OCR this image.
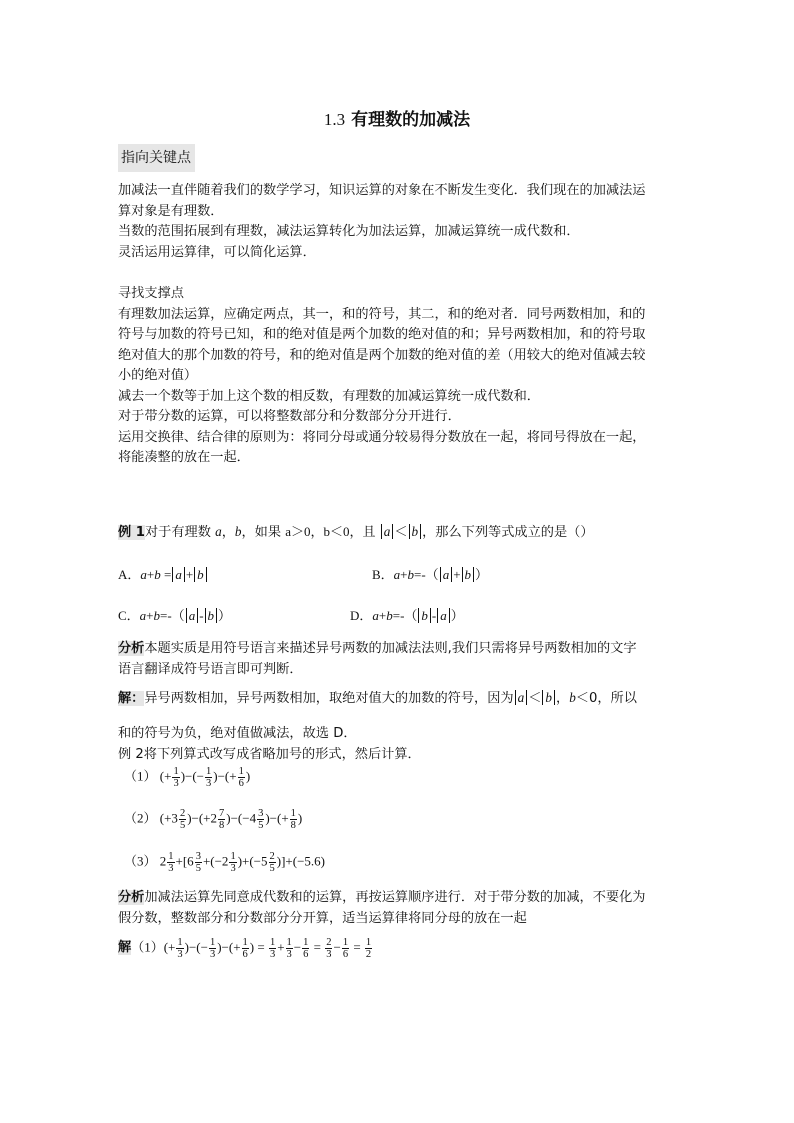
1.3 有理数的加减法
指向关键点
加减法一直伴随着我们的数学学习，知识运算的对象在不断发生变化．我们现在的加减法运
算对象是有理数．
当数的范围拓展到有理数，减法运算转化为加法运算，加减运算统一成代数和．
灵活运用运算律，可以简化运算．
寻找支撑点
有理数加法运算，应确定两点，其一，和的符号，其二，和的绝对者．同号两数相加，和的
符号与加数的符号已知，和的绝对值是两个加数的绝对值的和；异号两数相加，和的符号取
绝对值大的那个加数的符号，和的绝对值是两个加数的绝对值的差（用较大的绝对值减去较
小的绝对值）
减去一个数等于加上这个数的相反数，有理数的加减运算统一成代数和．
对于带分数的运算，可以将整数部分和分数部分分开进行．
运用交换律、结合律的原则为：将同分母或通分较易得分数放在一起，将同号得放在一起，
将能凑整的放在一起．
例 1对于有理数 a，b，如果 a＞0，b＜0，且 a ＜ b ，那么下列等式成立的是（）
A．a+b = a + b	B．a+b=-（ a + b ）
C．a+b=-（ a - b ）	D．a+b=-（ b - a ）
分析本题实质是用符号语言来描述异号两数的加减法法则,我们只需将异号两数相加的文字
语言翻译成符号语言即可判断．
解：异号两数相加，异号两数相加，取绝对值大的加数的符号，因为 a ＜ b ，b＜0，所以
和的符号为负，绝对值做减法，故选 D．
例 2将下列算式改写成省略加号的形式，然后计算．
（1） (+ $\frac{1}{3}$ )−(− $\frac{1}{3}$ )−(+ $\frac{1}{6}$ )
（2） $(+3 \frac{2}{5} )-(+2 \frac{7}{8} )-(-4 \frac{3}{5}$ )−(+ $\frac{1}{8}$ )
（3） $2 \frac{1}{3} +[6 \frac{3}{5} +(-2 \frac{1}{3} )+(-5 \frac{2}{5} )]+(-5.6)$
分析加减法运算先同意成代数和的运算，再按运算顺序进行．对于带分数的加减，不要化为
假分数，整数部分和分数部分分开算，适当运算律将同分母的放在一起
解$(1)(+ \frac{1}{3}$ )−(− $\frac{1}{3}$ )−(+ $\frac{1}{6}$ ) = $\frac{1}{3} + \frac{1}{3} - \frac{1}{6} = \frac{2}{3} - \frac{1}{6} = \frac{1}{2}$
